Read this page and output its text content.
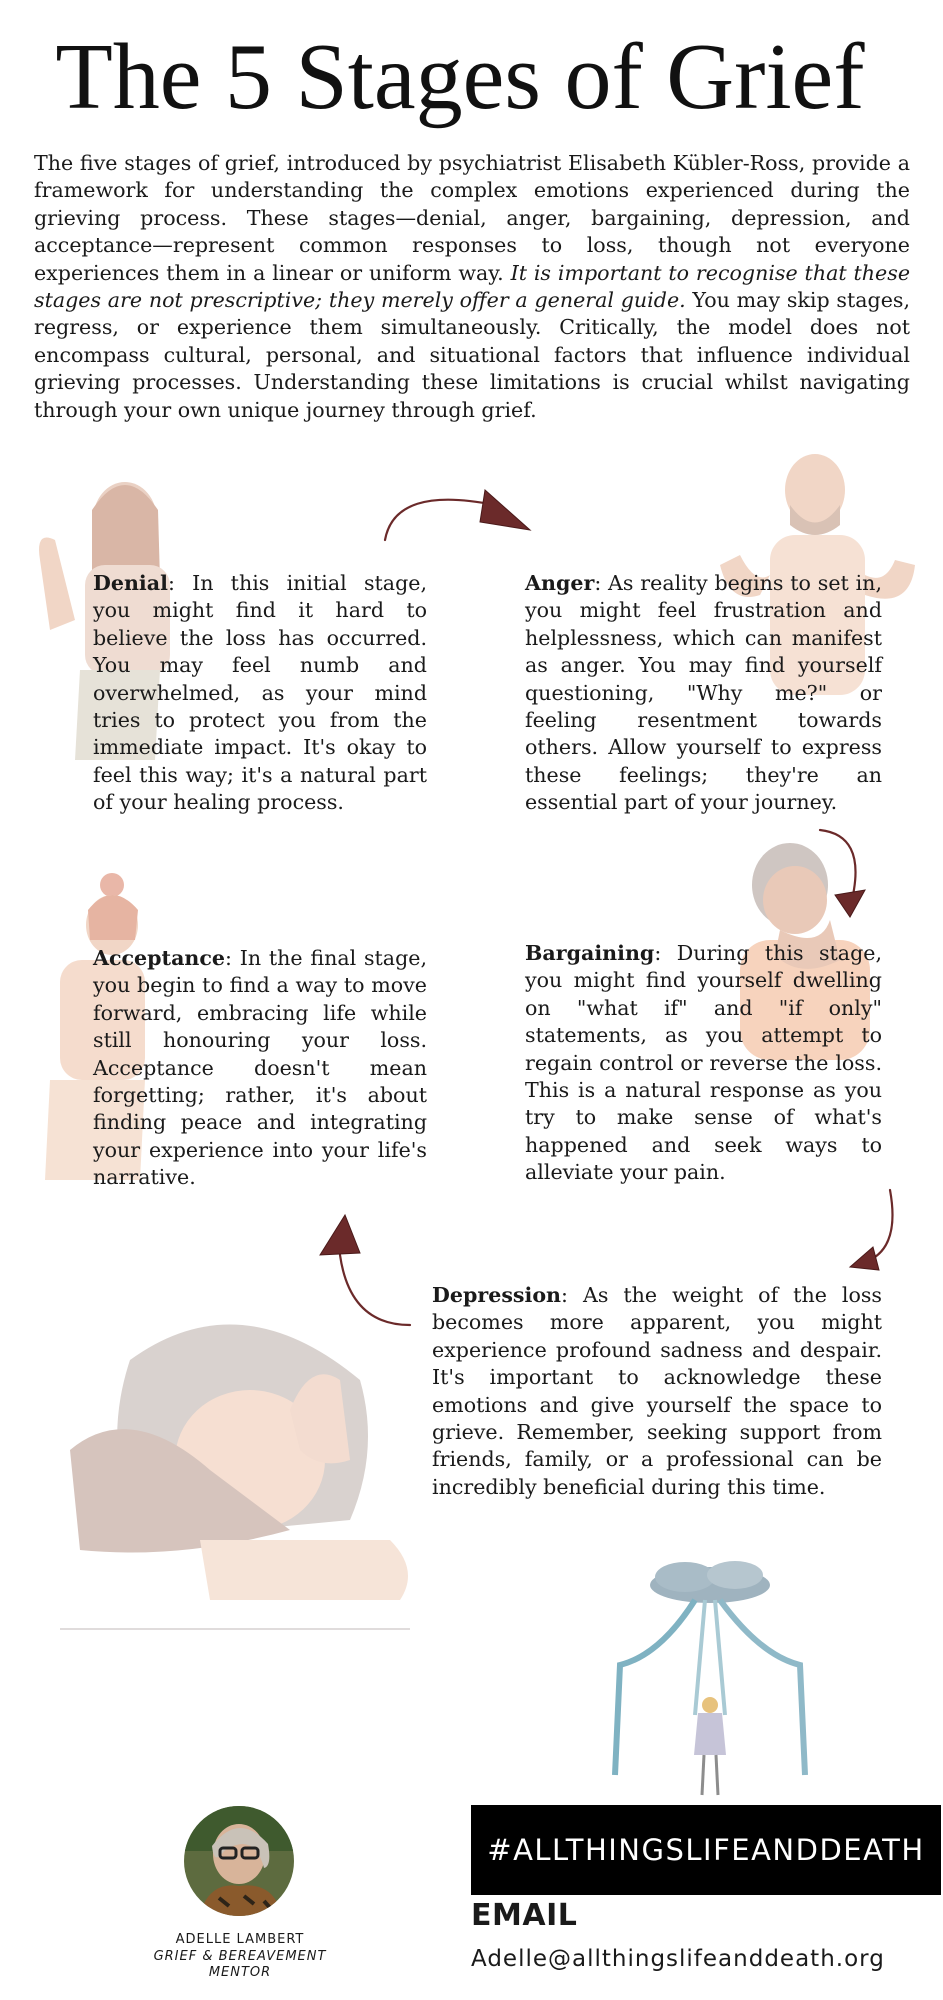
The 5 Stages of Grief
The five stages of grief, introduced by psychiatrist Elisabeth Kübler-Ross, provide a framework for understanding the complex emotions experienced during the grieving process. These stages—denial, anger, bargaining, depression, and acceptance—represent common responses to loss, though not everyone experiences them in a linear or uniform way. It is important to recognise that these stages are not prescriptive; they merely offer a general guide. You may skip stages, regress, or experience them simultaneously. Critically, the model does not encompass cultural, personal, and situational factors that influence individual grieving processes. Understanding these limitations is crucial whilst navigating through your own unique journey through grief.
Denial: In this initial stage, you might find it hard to believe the loss has occurred. You may feel numb and overwhelmed, as your mind tries to protect you from the immediate impact. It's okay to feel this way; it's a natural part of your healing process.
Anger: As reality begins to set in, you might feel frustration and helplessness, which can manifest as anger. You may find yourself questioning, "Why me?" or feeling resentment towards others. Allow yourself to express these feelings; they're an essential part of your journey.
Bargaining: During this stage, you might find yourself dwelling on "what if" and "if only" statements, as you attempt to regain control or reverse the loss. This is a natural response as you try to make sense of what's happened and seek ways to alleviate your pain.
Acceptance: In the final stage, you begin to find a way to move forward, embracing life while still honouring your loss. Acceptance doesn't mean forgetting; rather, it's about finding peace and integrating your experience into your life's narrative.
Depression: As the weight of the loss becomes more apparent, you might experience profound sadness and despair. It's important to acknowledge these emotions and give yourself the space to grieve. Remember, seeking support from friends, family, or a professional can be incredibly beneficial during this time.
ADELLE LAMBERT
GRIEF & BEREAVEMENT
MENTOR
#ALLTHINGSLIFEANDDEATH
EMAIL
Adelle@allthingslifeanddeath.org
